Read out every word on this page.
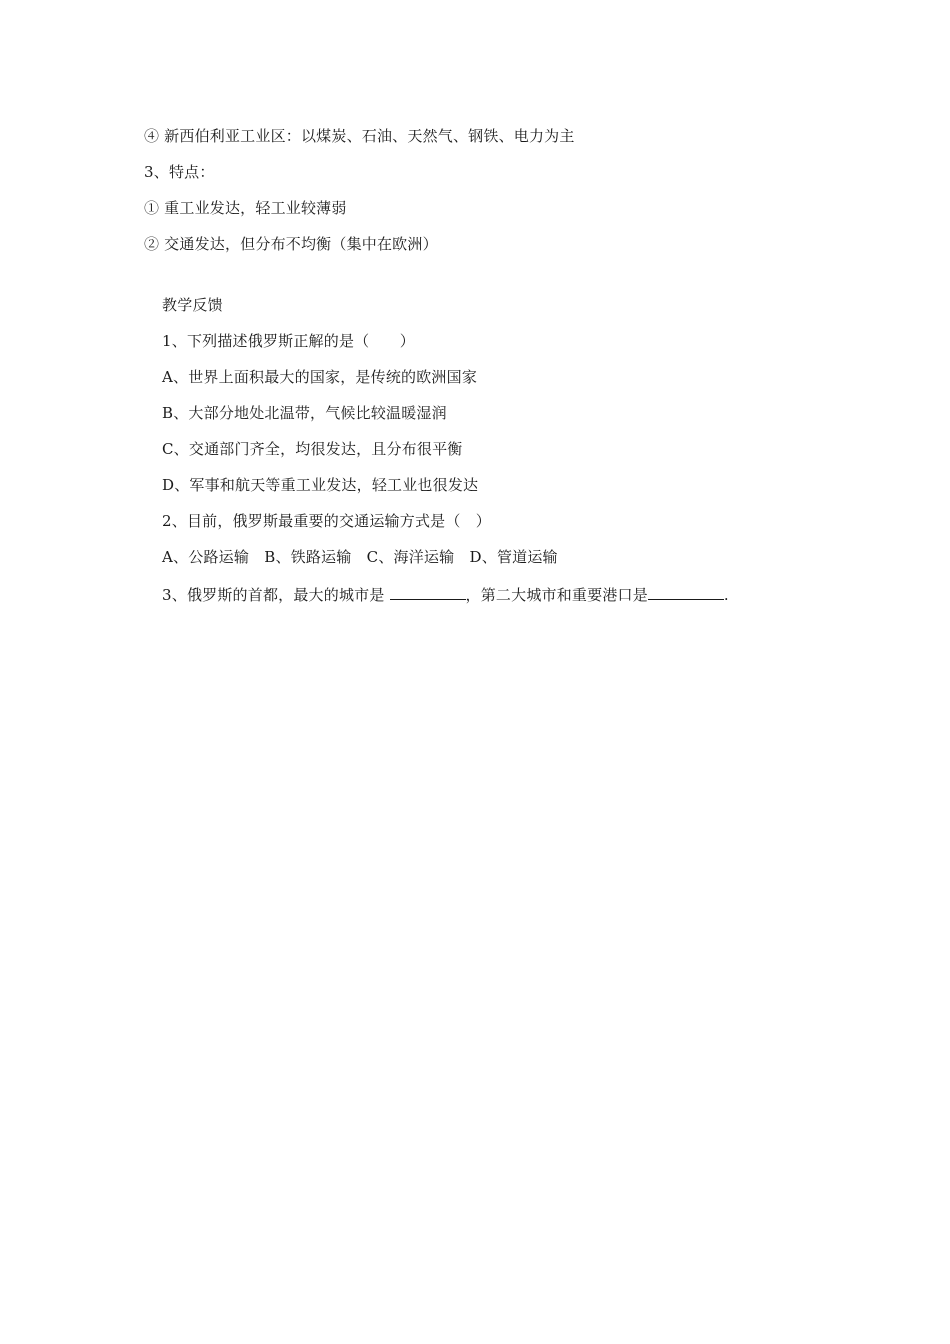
④ 新西伯利亚工业区：以煤炭、石油、天然气、钢铁、电力为主
3、特点：
① 重工业发达，轻工业较薄弱
② 交通发达，但分布不均衡（集中在欧洲）
教学反馈
1、下列描述俄罗斯正解的是（　　）
A、世界上面积最大的国家，是传统的欧洲国家
B、大部分地处北温带，气候比较温暖湿润
C、交通部门齐全，均很发达，且分布很平衡
D、军事和航天等重工业发达，轻工业也很发达
2、目前，俄罗斯最重要的交通运输方式是（　）
A、公路运输　B、铁路运输　C、海洋运输　D、管道运输
3、俄罗斯的首都，最大的城市是	，第二大城市和重要港口是	.
